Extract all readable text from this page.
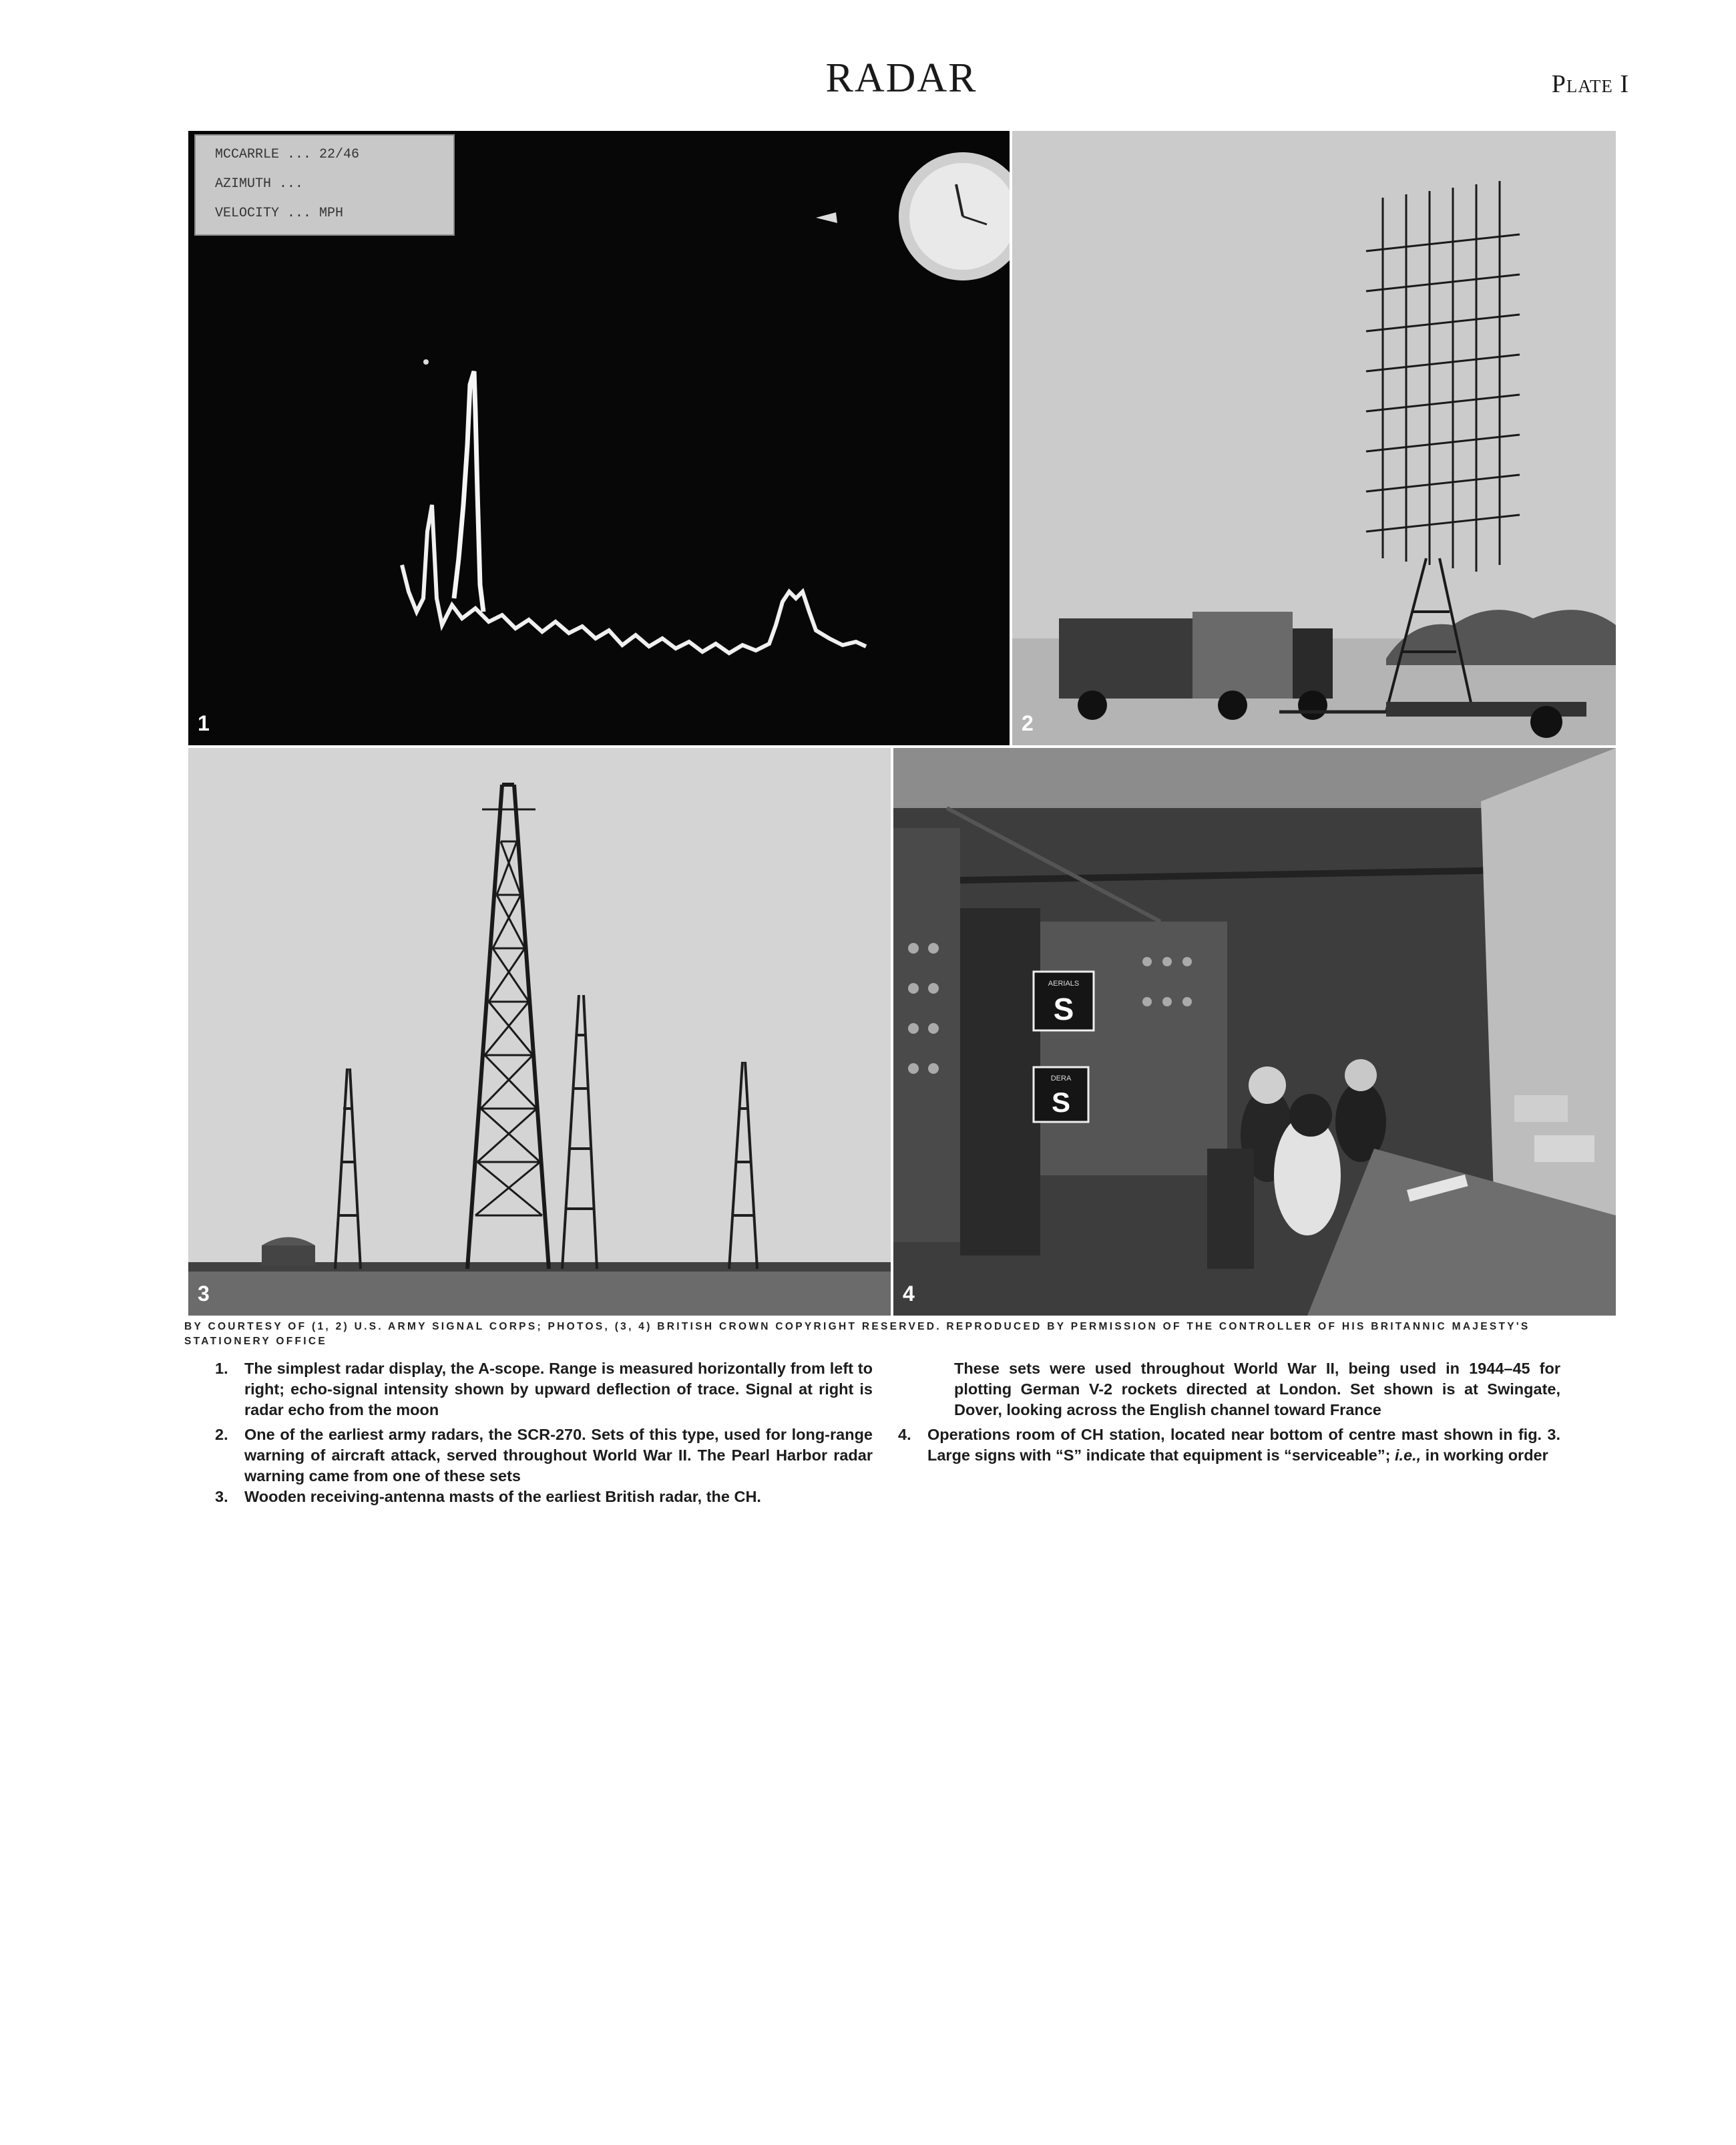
RADAR	Plate I
MCCARRLE ... 22/46
AZIMUTH ...
VELOCITY ... MPH
1	2
3
AERIALS
S
DERA
S
4
BY COURTESY OF (1, 2) U.S. ARMY SIGNAL CORPS; PHOTOS, (3, 4) BRITISH CROWN COPYRIGHT RESERVED. REPRODUCED BY PERMISSION OF THE CONTROLLER OF HIS BRITANNIC MAJESTY'S STATIONERY OFFICE
1.	The simplest radar display, the A-scope. Range is measured horizontally from left to right; echo-signal intensity shown by upward deflection of trace. Signal at right is radar echo from the moon
2.	One of the earliest army radars, the SCR-270. Sets of this type, used for long-range warning of aircraft attack, served throughout World War II. The Pearl Harbor radar warning came from one of these sets
3.	Wooden receiving-antenna masts of the earliest British radar, the CH.
These sets were used throughout World War II, being used in 1944–45 for plotting German V-2 rockets directed at London. Set shown is at Swingate, Dover, looking across the English channel toward France
4.	Operations room of CH station, located near bottom of centre mast shown in fig. 3. Large signs with “S” indicate that equipment is “serviceable”; i.e., in working order
